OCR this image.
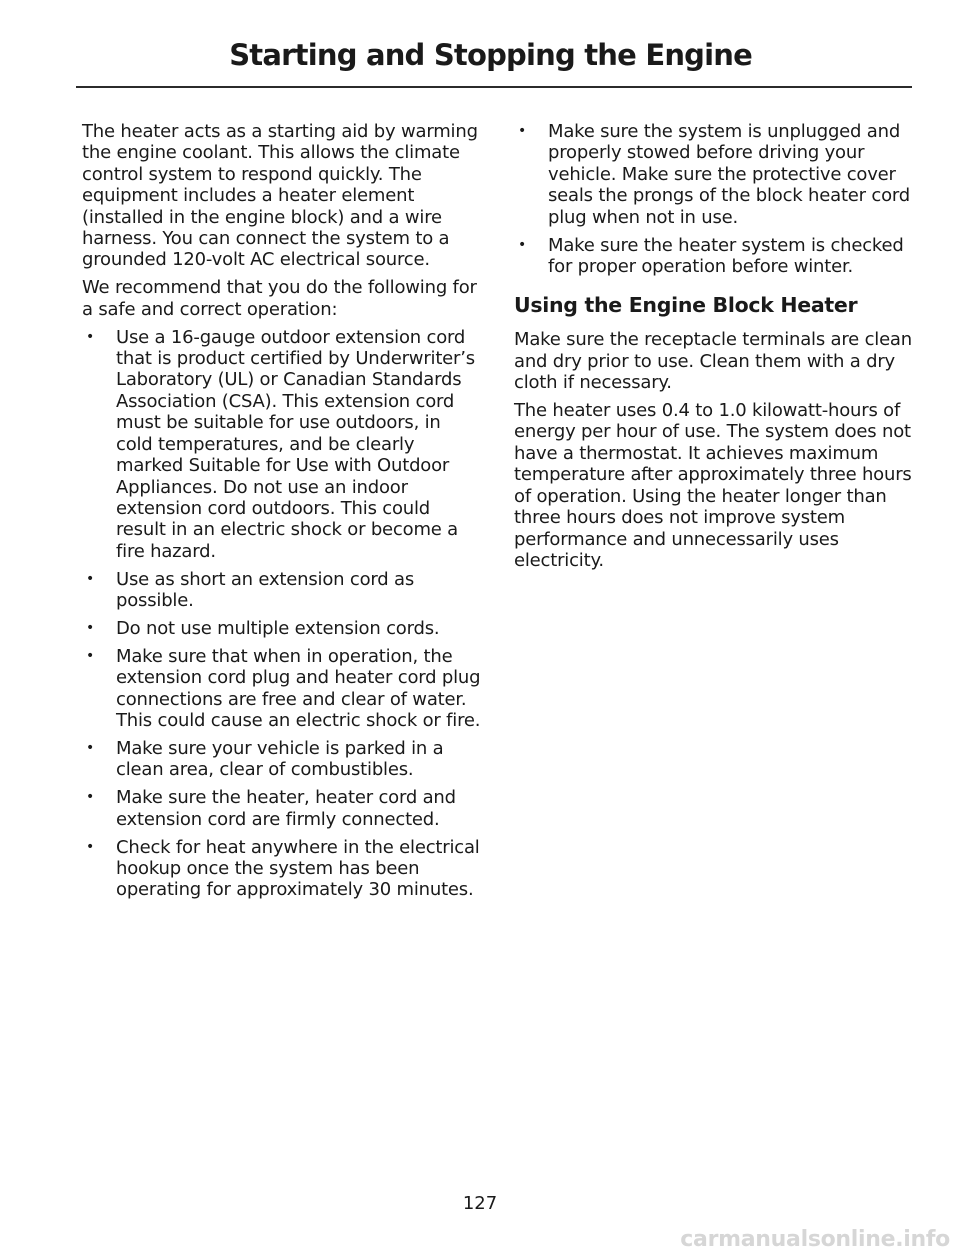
Starting and Stopping the Engine

The heater acts as a starting aid by warming the engine coolant. This allows the climate control system to respond quickly. The equipment includes a heater element (installed in the engine block) and a wire harness. You can connect the system to a grounded 120-volt AC electrical source.

We recommend that you do the following for a safe and correct operation:

• Use a 16-gauge outdoor extension cord that is product certified by Underwriter’s Laboratory (UL) or Canadian Standards Association (CSA). This extension cord must be suitable for use outdoors, in cold temperatures, and be clearly marked Suitable for Use with Outdoor Appliances. Do not use an indoor extension cord outdoors. This could result in an electric shock or become a fire hazard.
• Use as short an extension cord as possible.
• Do not use multiple extension cords.
• Make sure that when in operation, the extension cord plug and heater cord plug connections are free and clear of water. This could cause an electric shock or fire.
• Make sure your vehicle is parked in a clean area, clear of combustibles.
• Make sure the heater, heater cord and extension cord are firmly connected.
• Check for heat anywhere in the electrical hookup once the system has been operating for approximately 30 minutes.
• Make sure the system is unplugged and properly stowed before driving your vehicle. Make sure the protective cover seals the prongs of the block heater cord plug when not in use.
• Make sure the heater system is checked for proper operation before winter.
Using the Engine Block Heater

Make sure the receptacle terminals are clean and dry prior to use. Clean them with a dry cloth if necessary.

The heater uses 0.4 to 1.0 kilowatt-hours of energy per hour of use. The system does not have a thermostat. It achieves maximum temperature after approximately three hours of operation. Using the heater longer than three hours does not improve system performance and unnecessarily uses electricity.

127
carmanualsonline.info
